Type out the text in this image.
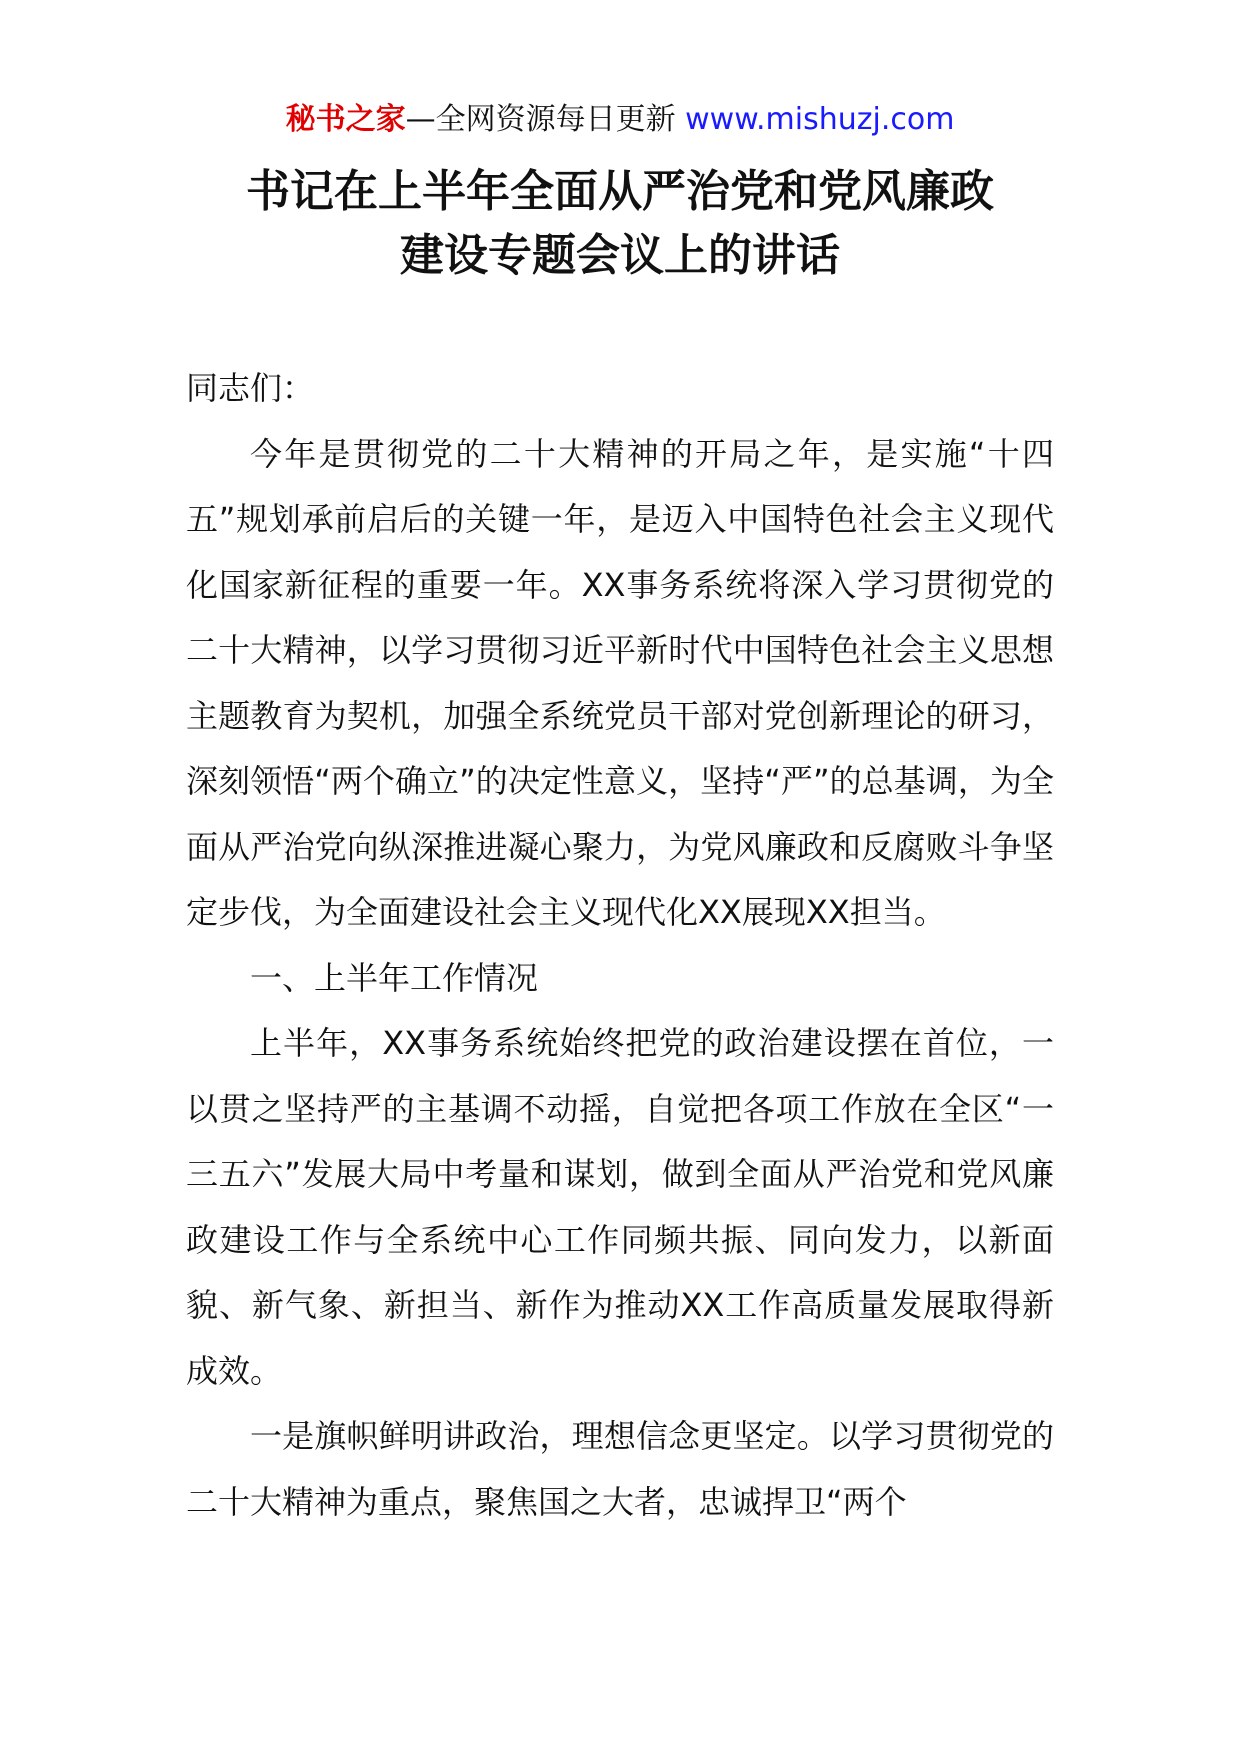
秘书之家—全网资源每日更新 www.mishuzj.com
书记在上半年全面从严治党和党风廉政
建设专题会议上的讲话

同志们：

今年是贯彻党的二十大精神的开局之年，是实施“十四五”规划承前启后的关键一年，是迈入中国特色社会主义现代化国家新征程的重要一年。XX事务系统将深入学习贯彻党的二十大精神，以学习贯彻习近平新时代中国特色社会主义思想主题教育为契机，加强全系统党员干部对党创新理论的研习，深刻领悟“两个确立”的决定性意义，坚持“严”的总基调，为全面从严治党向纵深推进凝心聚力，为党风廉政和反腐败斗争坚定步伐，为全面建设社会主义现代化XX展现XX担当。

一、上半年工作情况

上半年，XX事务系统始终把党的政治建设摆在首位，一以贯之坚持严的主基调不动摇，自觉把各项工作放在全区“一三五六”发展大局中考量和谋划，做到全面从严治党和党风廉政建设工作与全系统中心工作同频共振、同向发力，以新面貌、新气象、新担当、新作为推动XX工作高质量发展取得新成效。

一是旗帜鲜明讲政治，理想信念更坚定。以学习贯彻党的二十大精神为重点，聚焦国之大者，忠诚捍卫“两个
